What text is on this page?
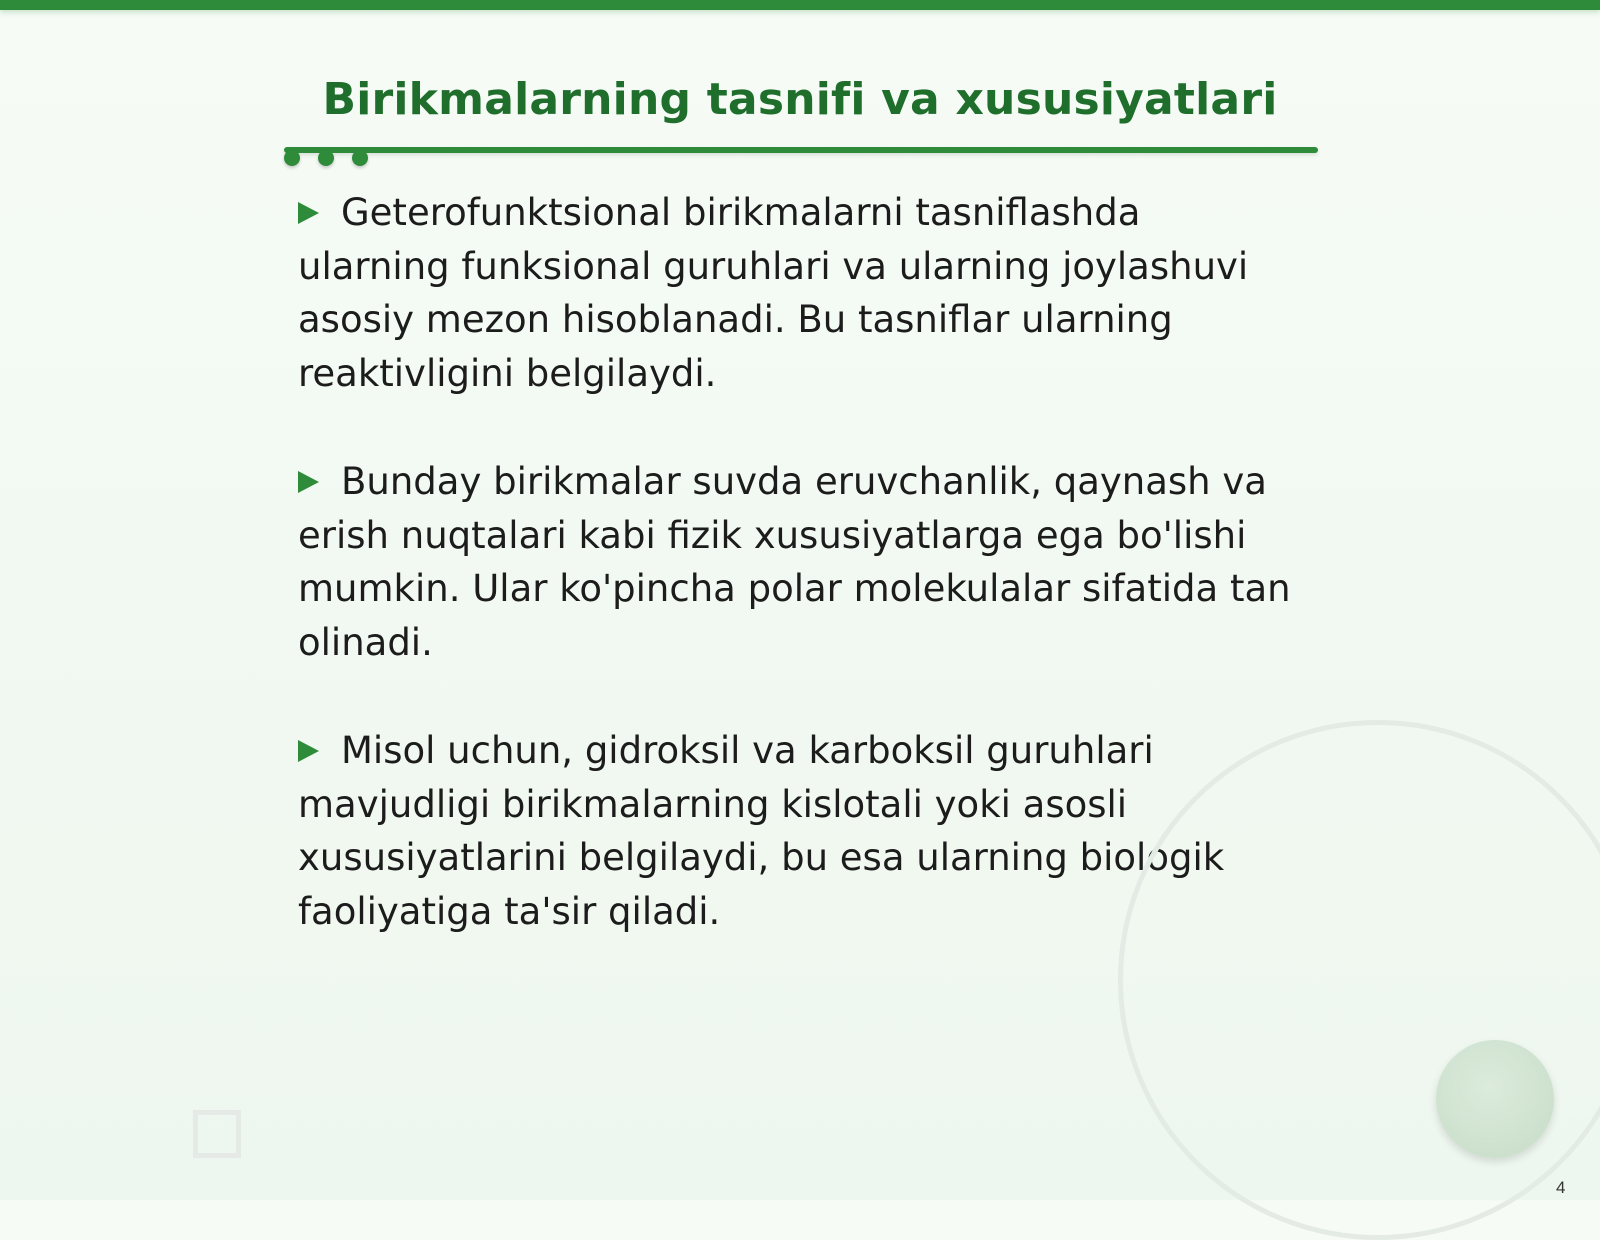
Birikmalarning tasnifi va xususiyatlari

Geterofunktsional birikmalarni tasniflashda ularning funksional guruhlari va ularning joylashuvi asosiy mezon hisoblanadi. Bu tasniflar ularning reaktivligini belgilaydi.

Bunday birikmalar suvda eruvchanlik, qaynash va erish nuqtalari kabi fizik xususiyatlarga ega bo'lishi mumkin. Ular ko'pincha polar molekulalar sifatida tan olinadi.

Misol uchun, gidroksil va karboksil guruhlari mavjudligi birikmalarning kislotali yoki asosli xususiyatlarini belgilaydi, bu esa ularning biologik faoliyatiga ta'sir qiladi.

4
